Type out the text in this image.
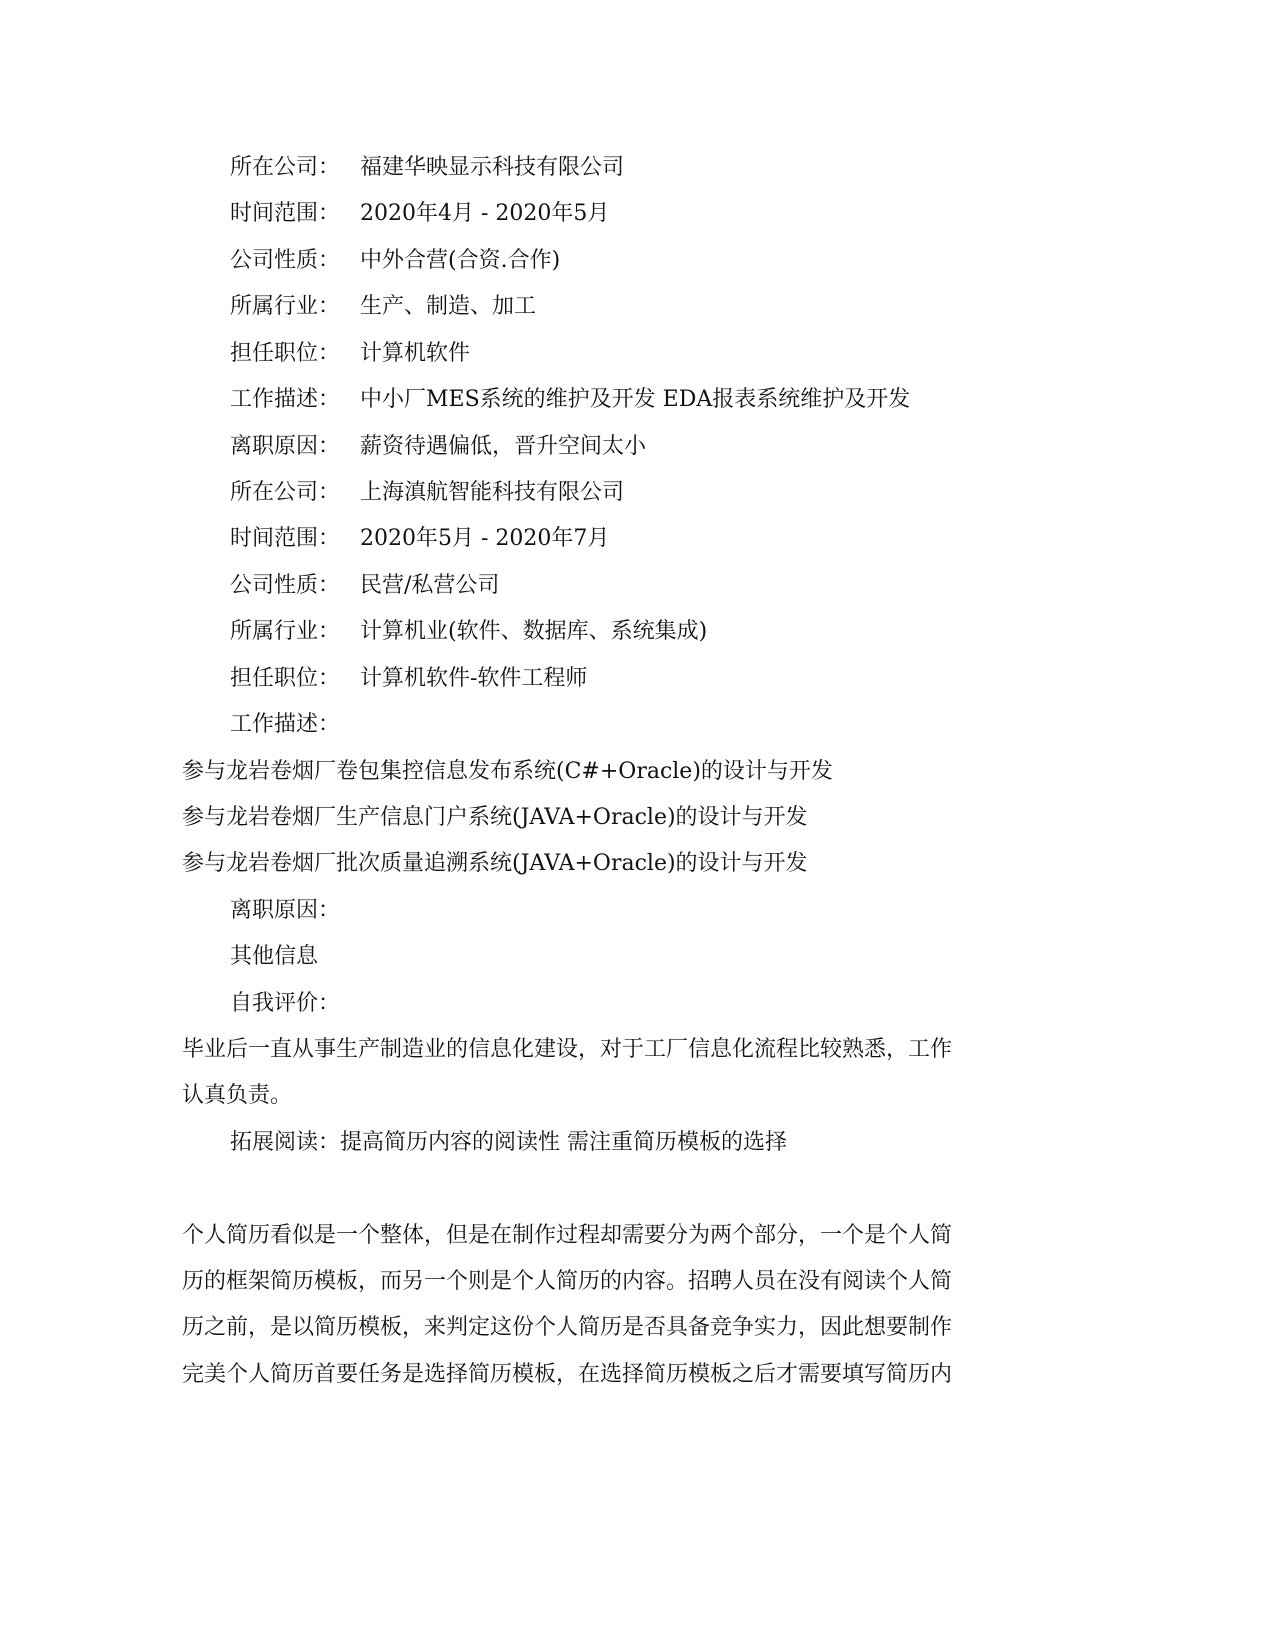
所在公司： 福建华映显示科技有限公司
时间范围： 2020年4月 - 2020年5月
公司性质： 中外合营(合资.合作)
所属行业： 生产、制造、加工
担任职位： 计算机软件
工作描述： 中小厂MES系统的维护及开发 EDA报表系统维护及开发
离职原因： 薪资待遇偏低，晋升空间太小
所在公司： 上海滇航智能科技有限公司
时间范围： 2020年5月 - 2020年7月
公司性质： 民营/私营公司
所属行业： 计算机业(软件、数据库、系统集成)
担任职位： 计算机软件-软件工程师
工作描述：
参与龙岩卷烟厂卷包集控信息发布系统(C#+Oracle)的设计与开发
参与龙岩卷烟厂生产信息门户系统(JAVA+Oracle)的设计与开发
参与龙岩卷烟厂批次质量追溯系统(JAVA+Oracle)的设计与开发
离职原因：
其他信息
自我评价：
毕业后一直从事生产制造业的信息化建设，对于工厂信息化流程比较熟悉，工作
认真负责。
拓展阅读：提高简历内容的阅读性 需注重简历模板的选择
个人简历看似是一个整体，但是在制作过程却需要分为两个部分，一个是个人简
历的框架简历模板，而另一个则是个人简历的内容。招聘人员在没有阅读个人简
历之前，是以简历模板，来判定这份个人简历是否具备竞争实力，因此想要制作
完美个人简历首要任务是选择简历模板，在选择简历模板之后才需要填写简历内
